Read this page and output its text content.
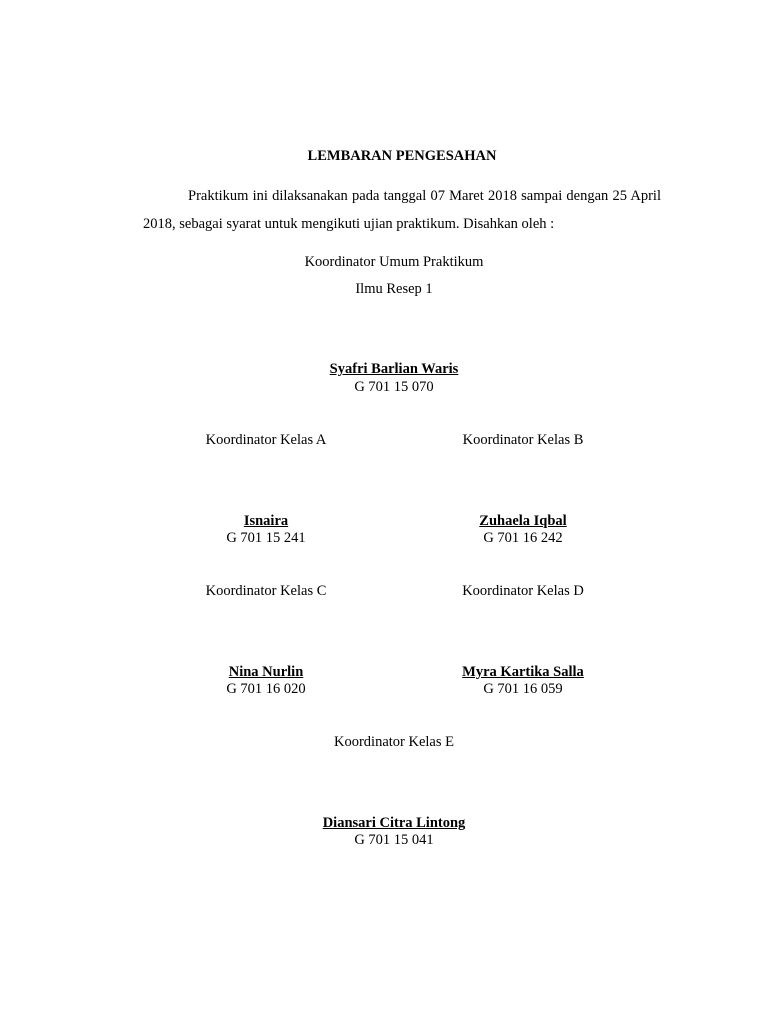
LEMBARAN PENGESAHAN
Praktikum ini dilaksanakan pada tanggal 07 Maret 2018 sampai dengan 25 April 2018, sebagai syarat untuk mengikuti ujian praktikum. Disahkan oleh :
Koordinator Umum Praktikum
Ilmu Resep 1
Syafri Barlian Waris
G 701 15 070
Koordinator Kelas A
Isnaira
G 701 15 241
Koordinator Kelas B
Zuhaela Iqbal
G 701 16 242
Koordinator Kelas C
Nina Nurlin
G 701 16 020
Koordinator Kelas D
Myra Kartika Salla
G 701 16 059
Koordinator Kelas E
Diansari Citra Lintong
G 701 15 041
